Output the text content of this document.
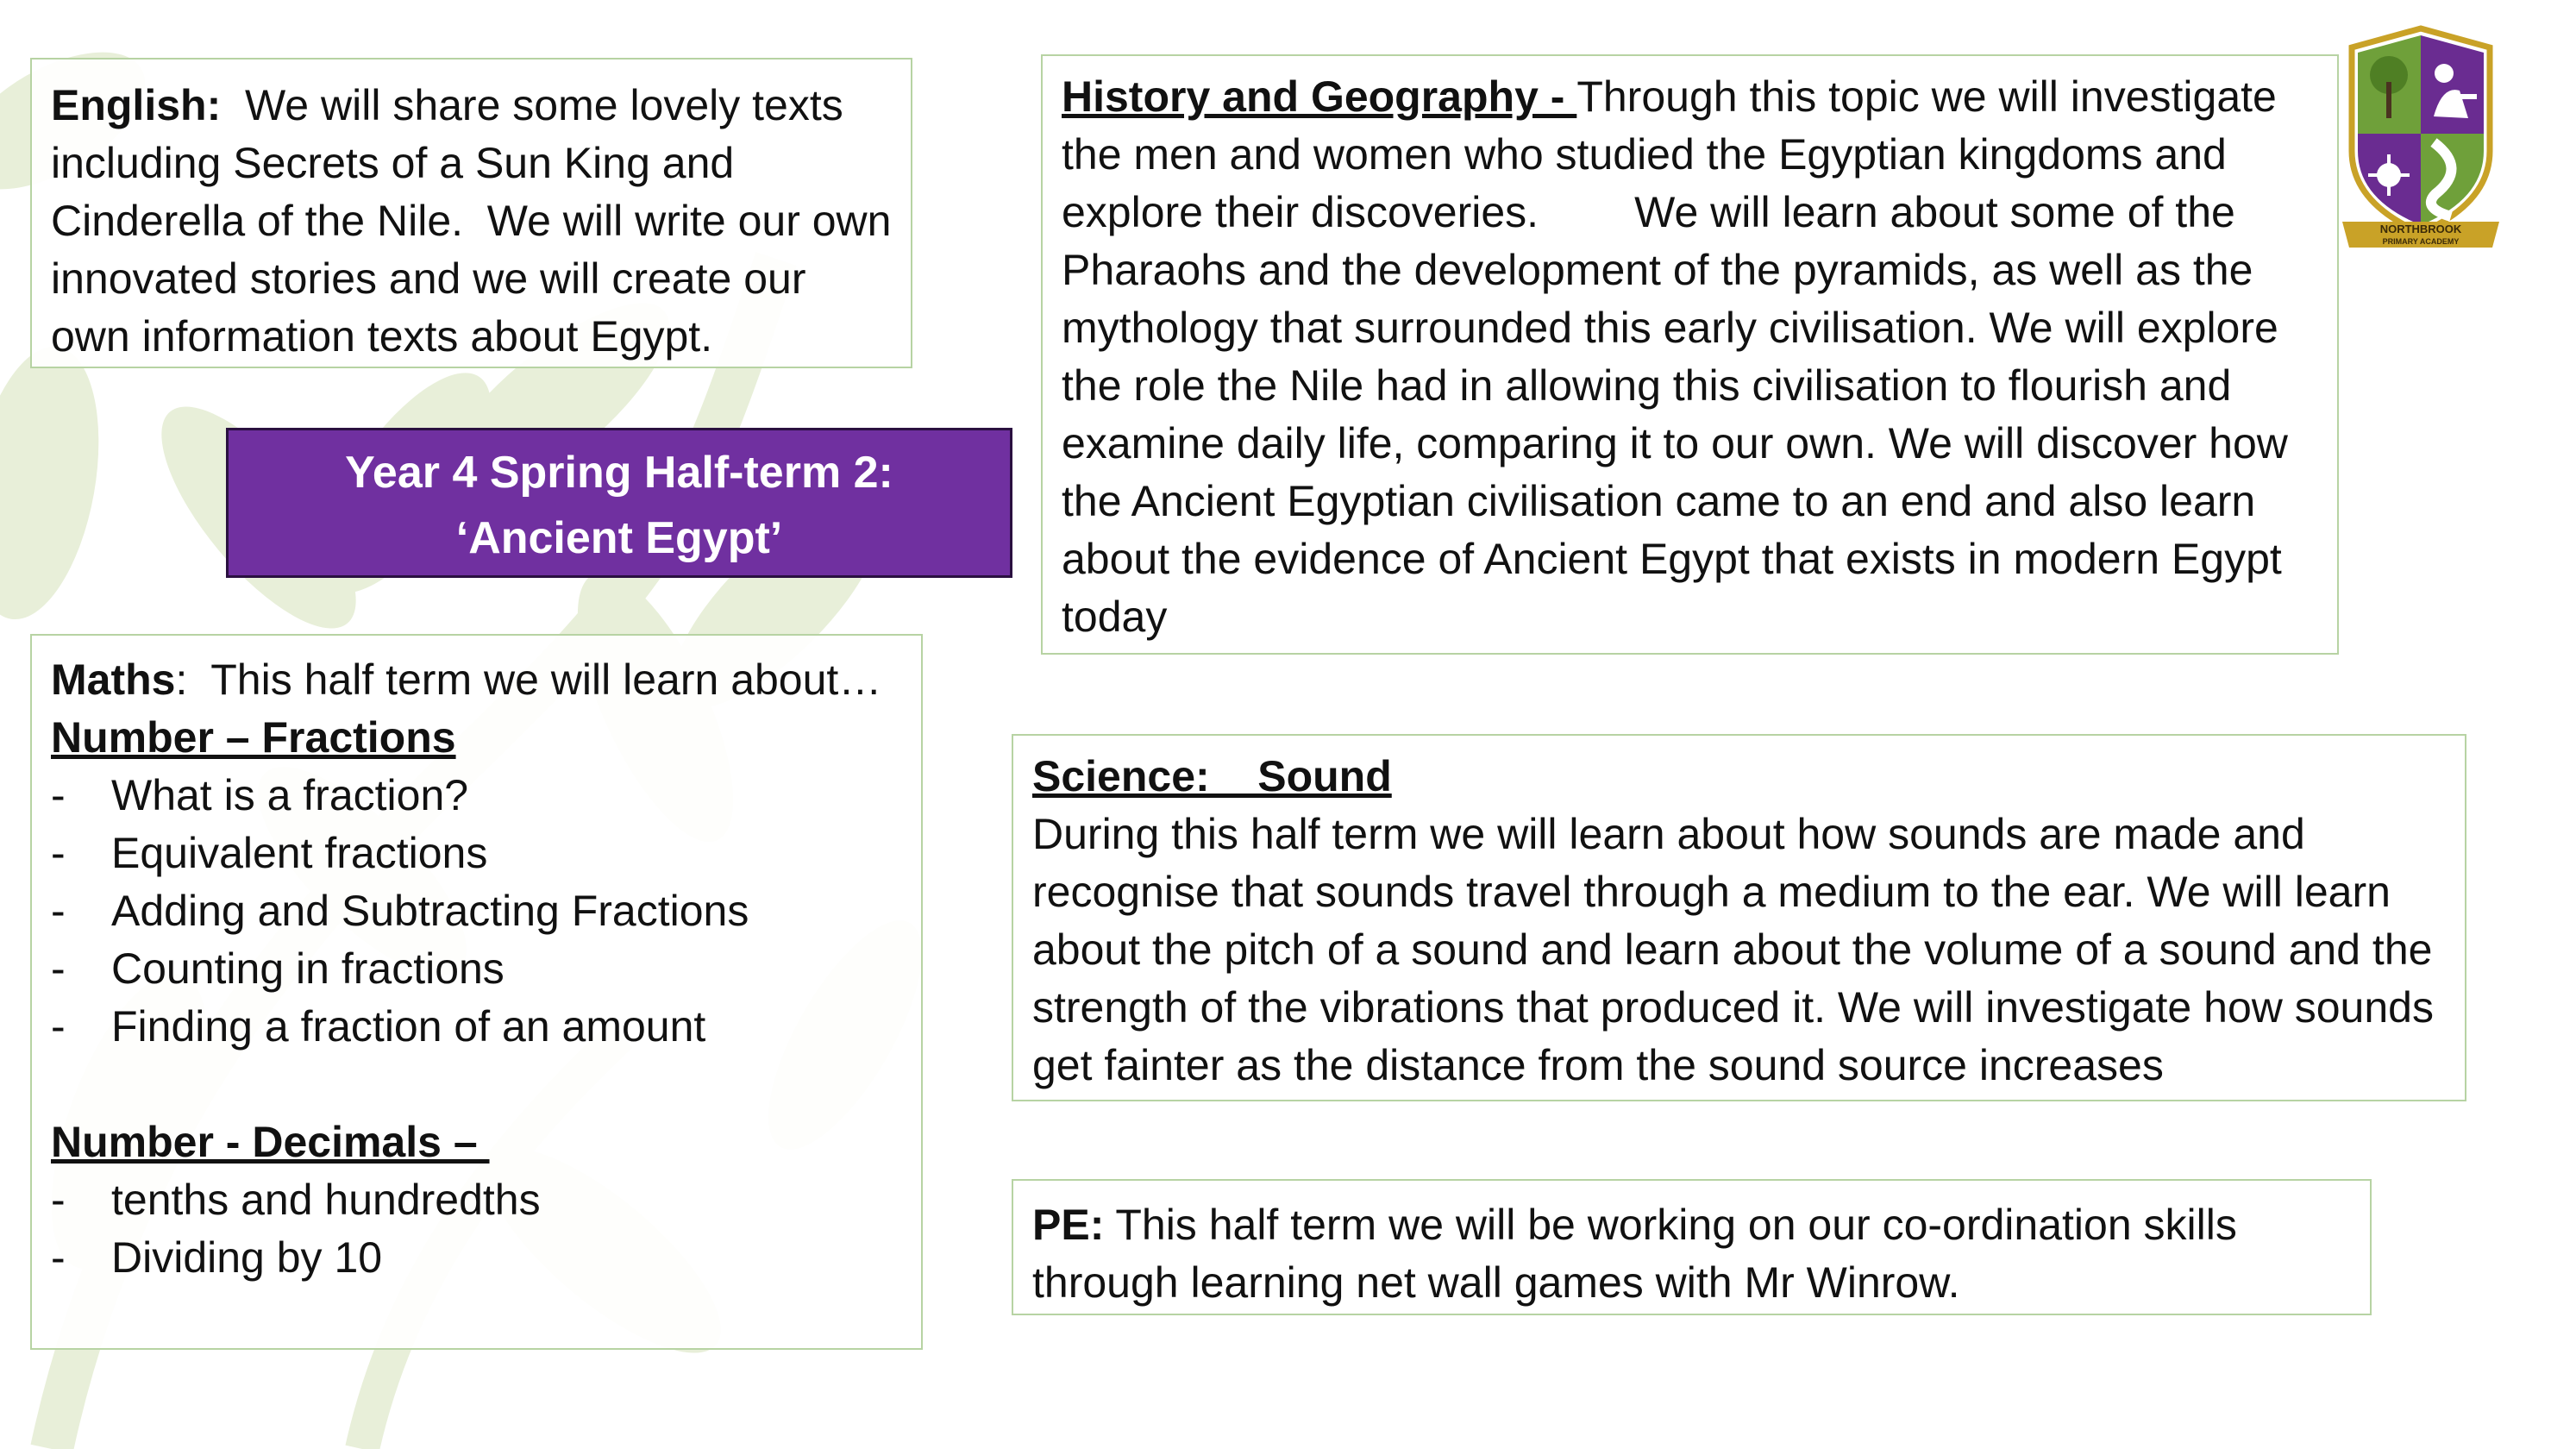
English:  We will share some lovely texts including Secrets of a Sun King and Cinderella of the Nile.  We will write our own innovated stories and we will create our own information texts about Egypt.

Year 4 Spring Half-term 2:
‘Ancient Egypt’

History and Geography - Through this topic we will investigate the men and women who studied the Egyptian kingdoms and explore their discoveries.        We will learn about some of the Pharaohs and the development of the pyramids, as well as the mythology that surrounded this early civilisation. We will explore the role the Nile had in allowing this civilisation to flourish and examine daily life, comparing it to our own. We will discover how the Ancient Egyptian civilisation came to an end and also learn about the evidence of Ancient Egypt that exists in modern Egypt today

Maths:  This half term we will learn about…

Number – Fractions

- What is a fraction?
- Equivalent fractions
- Adding and Subtracting Fractions
- Counting in fractions
- Finding a fraction of an amount

Number - Decimals –

- tenths and hundredths
- Dividing by 10

Science:    Sound

During this half term we will learn about how sounds are made and recognise that sounds travel through a medium to the ear. We will learn about the pitch of a sound and learn about the volume of a sound and the strength of the vibrations that produced it. We will investigate how sounds get fainter as the distance from the sound source increases

PE: This half term we will be working on our co-ordination skills through learning net wall games with Mr Winrow.

NORTHBROOK
PRIMARY ACADEMY
